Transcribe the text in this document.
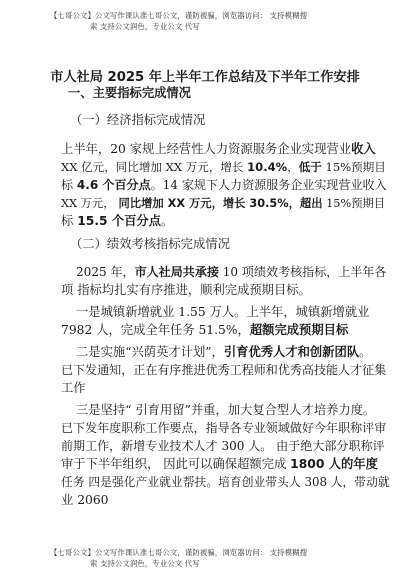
【七哥公文】公文写作课认准七哥公文，谨防被骗，浏览器访问： 支持模糊搜
索 支持公文润色，专业公文 代写
市人社局 2025 年上半年工作总结及下半年工作安排
一、主要指标完成情况
（一）经济指标完成情况
上半年，20 家规上经营性人力资源服务企业实现营业收入
XX 亿元，同比增加 XX 万元，增长 10.4%，低于 15%预期目
标 4.6 个百分点。14 家规下人力资源服务企业实现营业收入
XX 万元， 同比增加 XX 万元，增长 30.5%，超出 15%预期目
标 15.5 个百分点。
（二）绩效考核指标完成情况
2025 年，市人社局共承接 10 项绩效考核指标，上半年各
项 指标均扎实有序推进，顺利完成预期目标。
一是城镇新增就业 1.55 万人。上半年，城镇新增就业
7982 人，完成全年任务 51.5%，超额完成预期目标
二是实施“兴荫英才计划”，引育优秀人才和创新团队。
已下发通知，正在有序推进优秀工程师和优秀高技能人才征集
工作
三是坚持“ 引育用留”并重，加大复合型人才培养力度。
已下发年度职称工作要点，指导各专业领域做好今年职称评审
前期工作，新增专业技术人才 300 人。 由于绝大部分职称评
审于下半年组织， 因此可以确保超额完成 1800 人的年度
任务 四是强化产业就业帮扶。培育创业带头人 308 人，带动就
业 2060
【七哥公文】公文写作课认准七哥公文，谨防被骗，浏览器访问： 支持模糊搜
索 支持公文润色，专业公文 代写
